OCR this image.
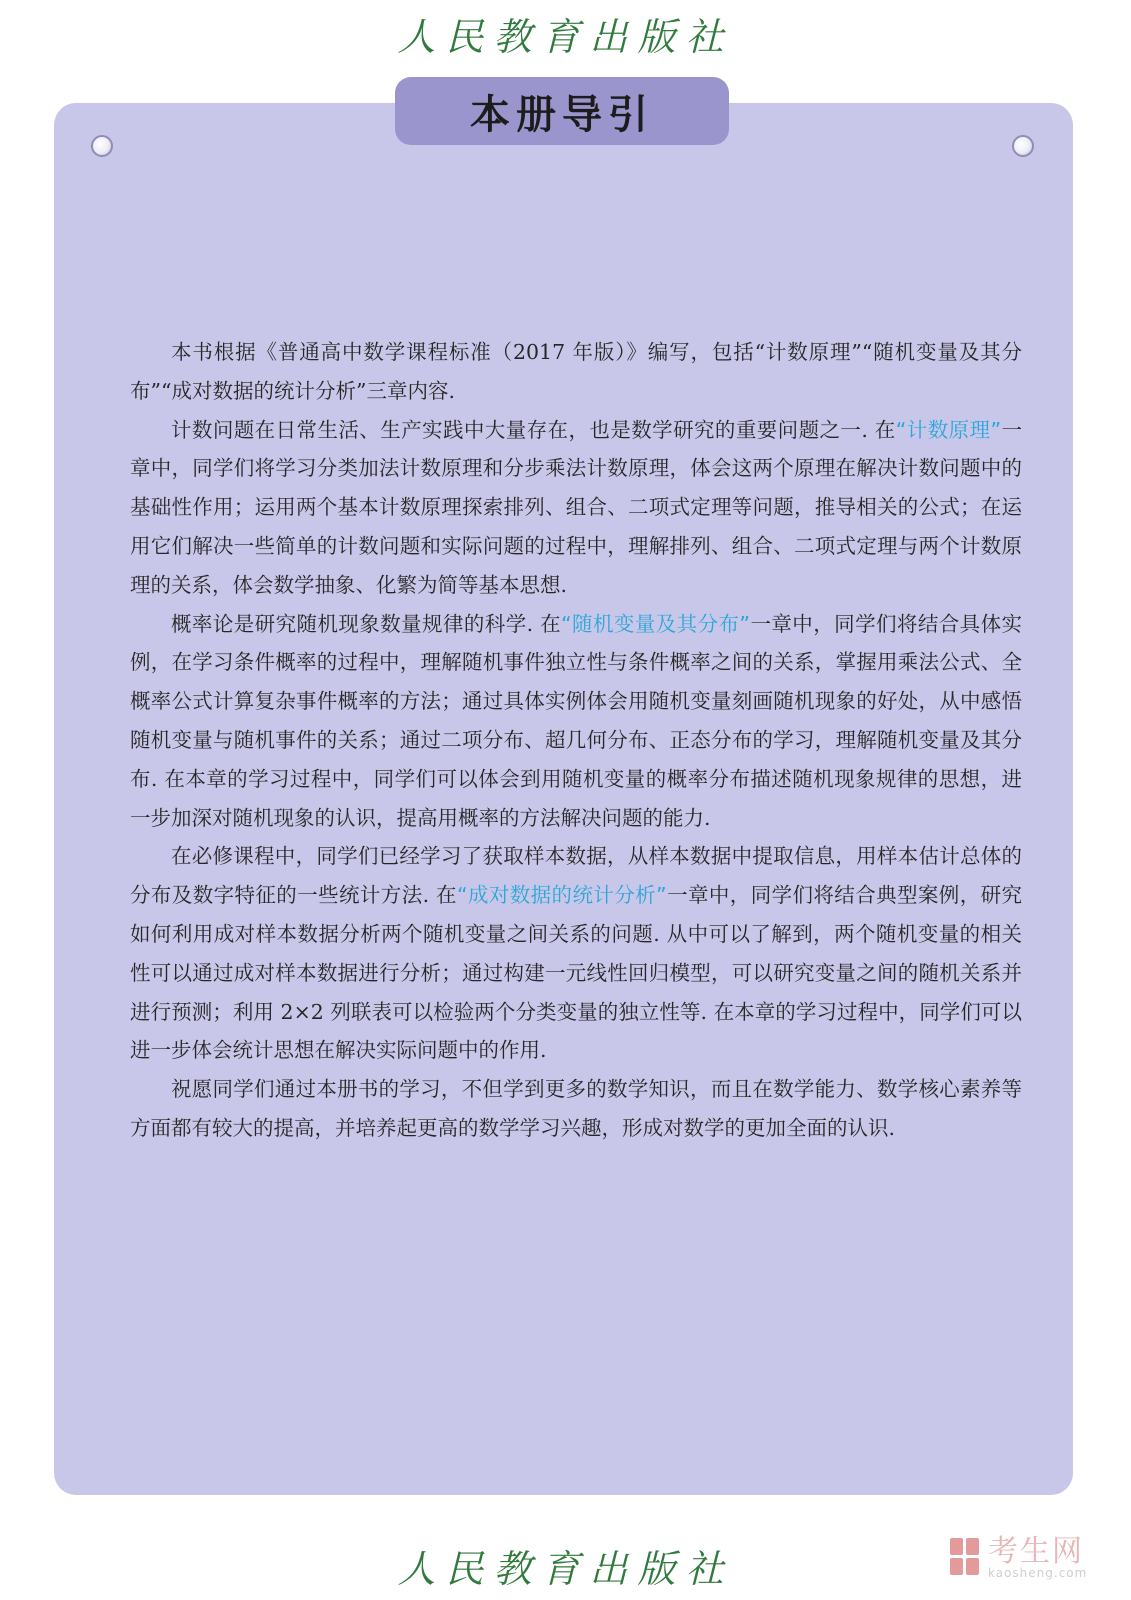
人民教育出版社
本册导引

本书根据《普通高中数学课程标准（2017 年版）》编写，包括“计数原理”“随机变量及其分布”“成对数据的统计分析”三章内容.

计数问题在日常生活、生产实践中大量存在，也是数学研究的重要问题之一. 在“计数原理”一章中，同学们将学习分类加法计数原理和分步乘法计数原理，体会这两个原理在解决计数问题中的基础性作用；运用两个基本计数原理探索排列、组合、二项式定理等问题，推导相关的公式；在运用它们解决一些简单的计数问题和实际问题的过程中，理解排列、组合、二项式定理与两个计数原理的关系，体会数学抽象、化繁为简等基本思想.

概率论是研究随机现象数量规律的科学. 在“随机变量及其分布”一章中，同学们将结合具体实例，在学习条件概率的过程中，理解随机事件独立性与条件概率之间的关系，掌握用乘法公式、全概率公式计算复杂事件概率的方法；通过具体实例体会用随机变量刻画随机现象的好处，从中感悟随机变量与随机事件的关系；通过二项分布、超几何分布、正态分布的学习，理解随机变量及其分布. 在本章的学习过程中，同学们可以体会到用随机变量的概率分布描述随机现象规律的思想，进一步加深对随机现象的认识，提高用概率的方法解决问题的能力.

在必修课程中，同学们已经学习了获取样本数据，从样本数据中提取信息，用样本估计总体的分布及数字特征的一些统计方法. 在“成对数据的统计分析”一章中，同学们将结合典型案例，研究如何利用成对样本数据分析两个随机变量之间关系的问题. 从中可以了解到，两个随机变量的相关性可以通过成对样本数据进行分析；通过构建一元线性回归模型，可以研究变量之间的随机关系并进行预测；利用 2×2 列联表可以检验两个分类变量的独立性等. 在本章的学习过程中，同学们可以进一步体会统计思想在解决实际问题中的作用.

祝愿同学们通过本册书的学习，不但学到更多的数学知识，而且在数学能力、数学核心素养等方面都有较大的提高，并培养起更高的数学学习兴趣，形成对数学的更加全面的认识.

人民教育出版社	考生网
kaosheng.com
